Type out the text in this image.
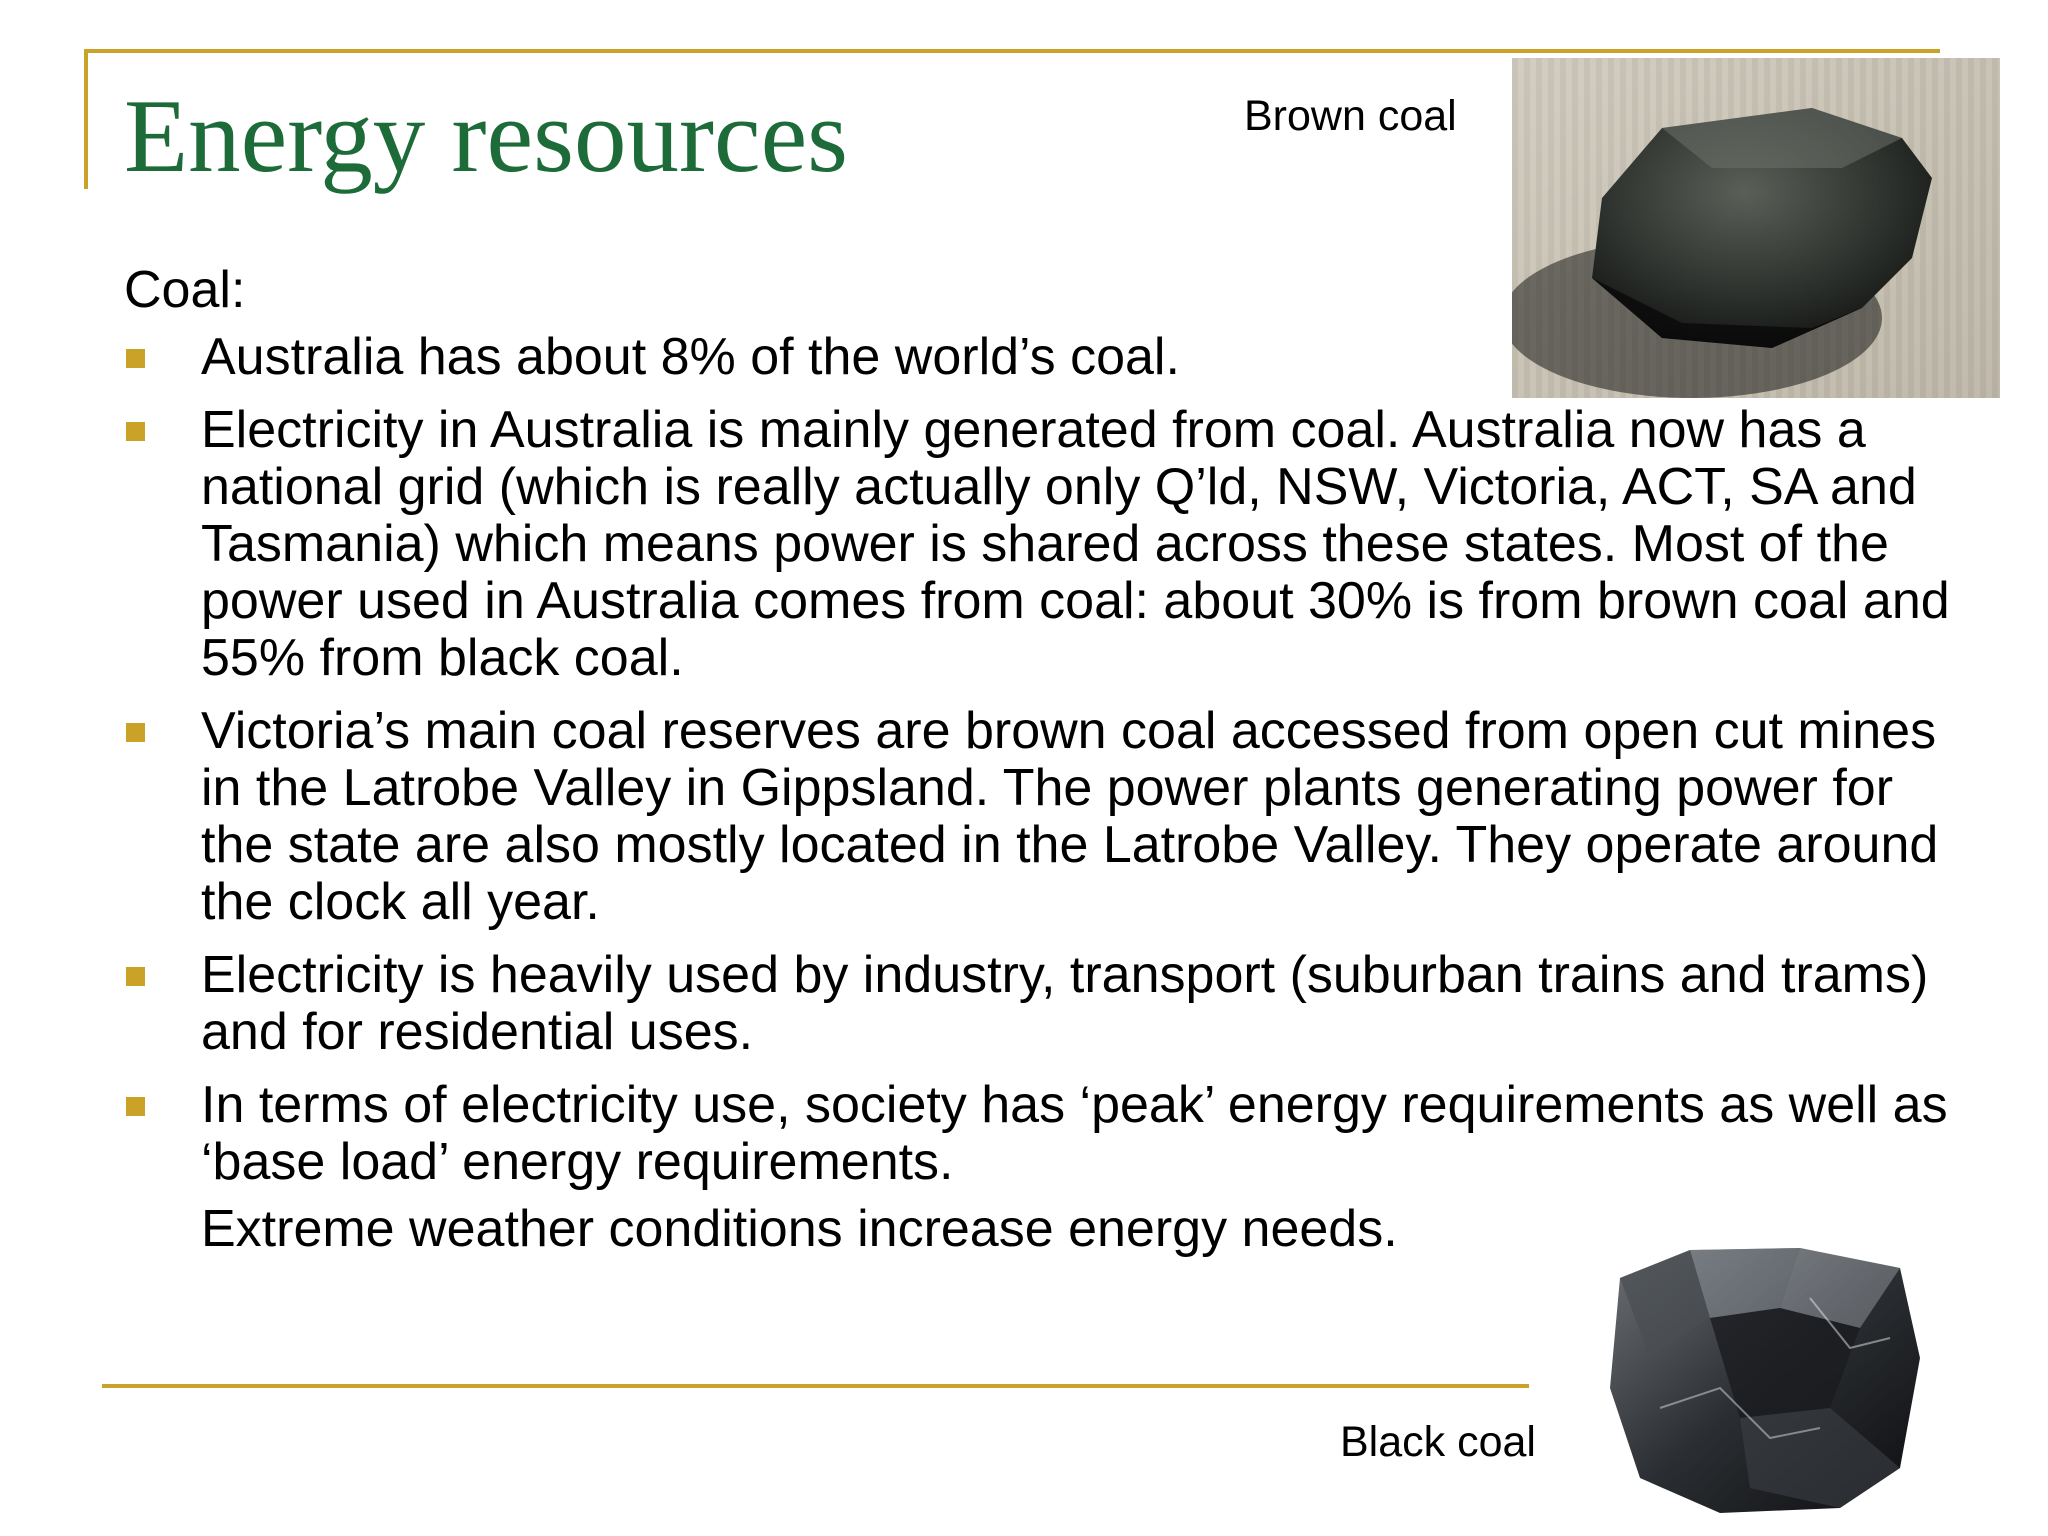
Energy resources	Brown coal
Coal:
Australia has about 8% of the world’s coal.
Electricity in Australia is mainly generated from coal. Australia now has a national grid (which is really actually only Q’ld, NSW, Victoria, ACT, SA and Tasmania) which means power is shared across these states. Most of the power used in Australia comes from coal: about 30% is from brown coal and 55% from black coal.
Victoria’s main coal reserves are brown coal accessed from open cut mines in the Latrobe Valley in Gippsland. The power plants generating power for the state are also mostly located in the Latrobe Valley. They operate around the clock all year.
Electricity is heavily used by industry, transport (suburban trains and trams) and for residential uses.
In terms of electricity use, society has ‘peak’ energy requirements as well as ‘base load’ energy requirements.
Extreme weather conditions increase energy needs.
Black coal
